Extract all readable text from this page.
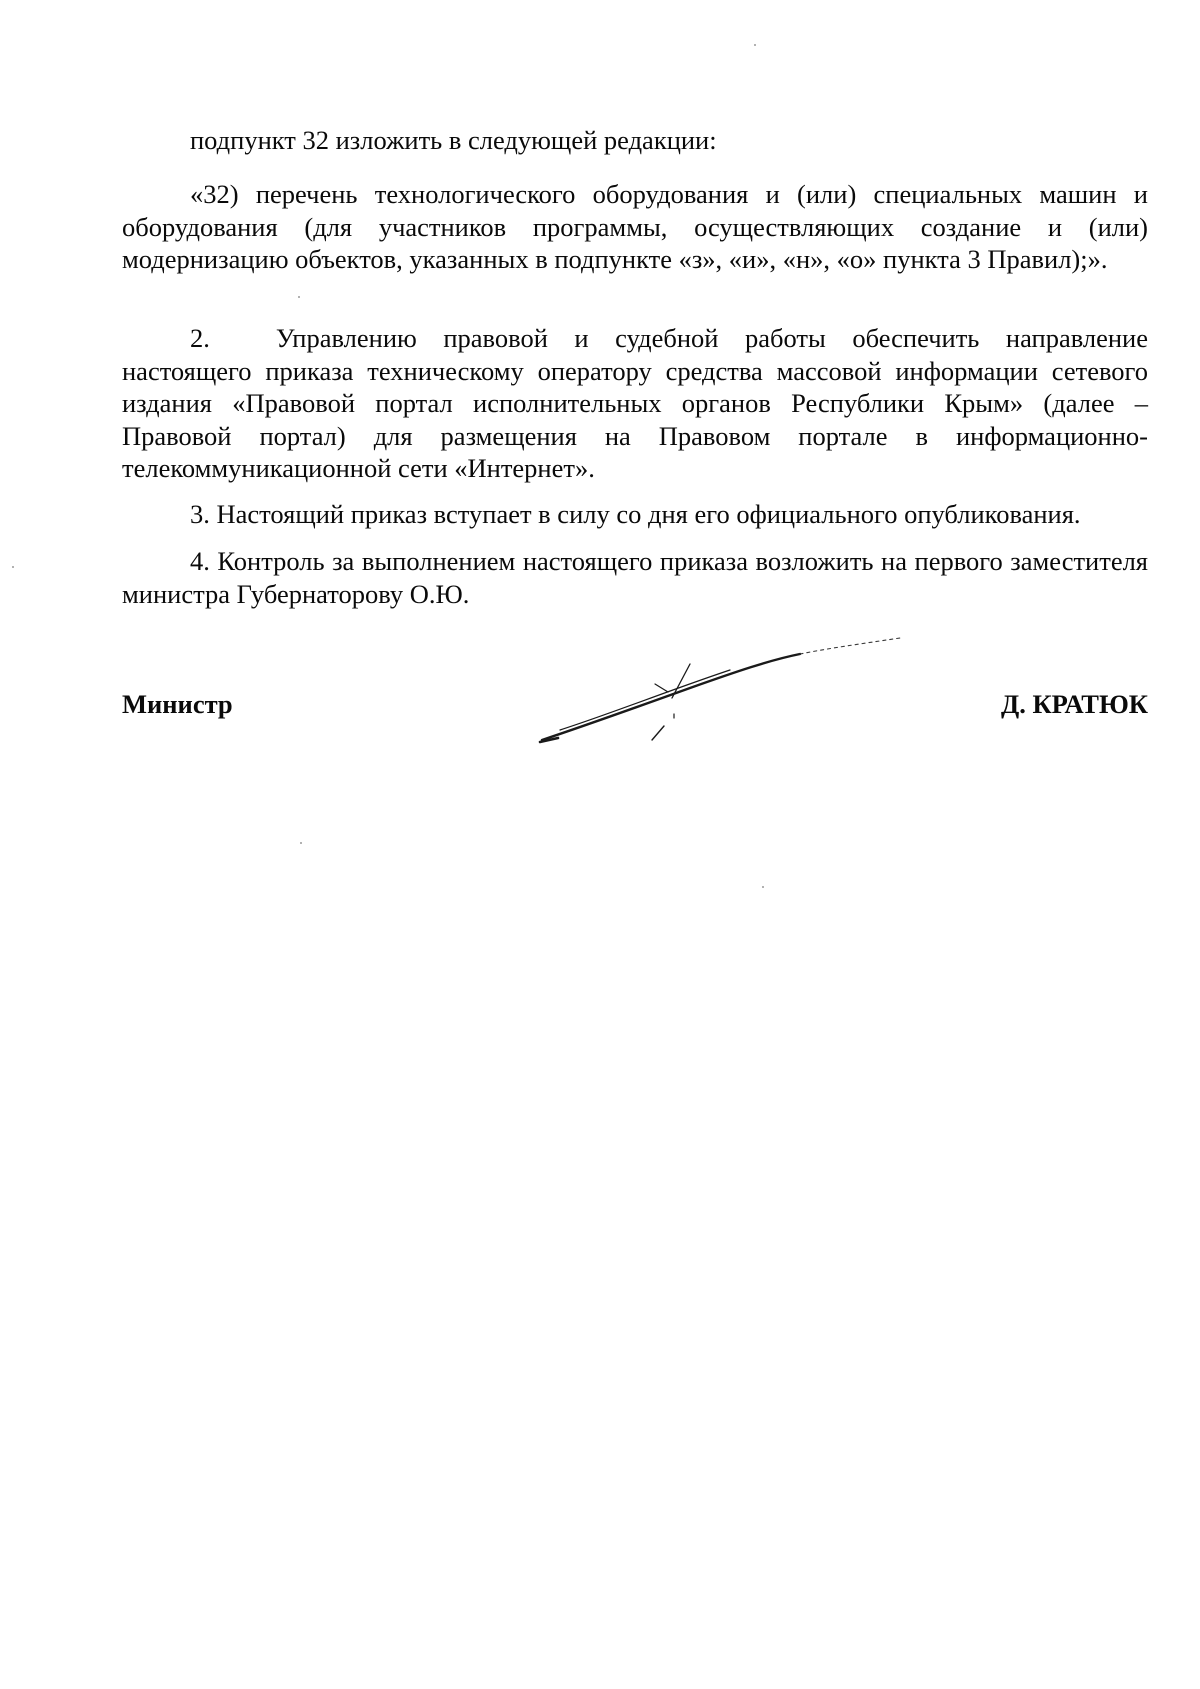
подпункт 32 изложить в следующей редакции:
«32) перечень технологического оборудования и (или) специальных машин и оборудования (для участников программы, осуществляющих создание и (или) модернизацию объектов, указанных в подпункте «з», «и», «н», «о» пункта 3 Правил);».
2. Управлению правовой и судебной работы обеспечить направление настоящего приказа техническому оператору средства массовой информации сетевого издания «Правовой портал исполнительных органов Республики Крым» (далее – Правовой портал) для размещения на Правовом портале в информационно-телекоммуникационной сети «Интернет».
3. Настоящий приказ вступает в силу со дня его официального опубликования.
4. Контроль за выполнением настоящего приказа возложить на первого заместителя министра Губернаторову О.Ю.
Министр	Д. КРАТЮК
